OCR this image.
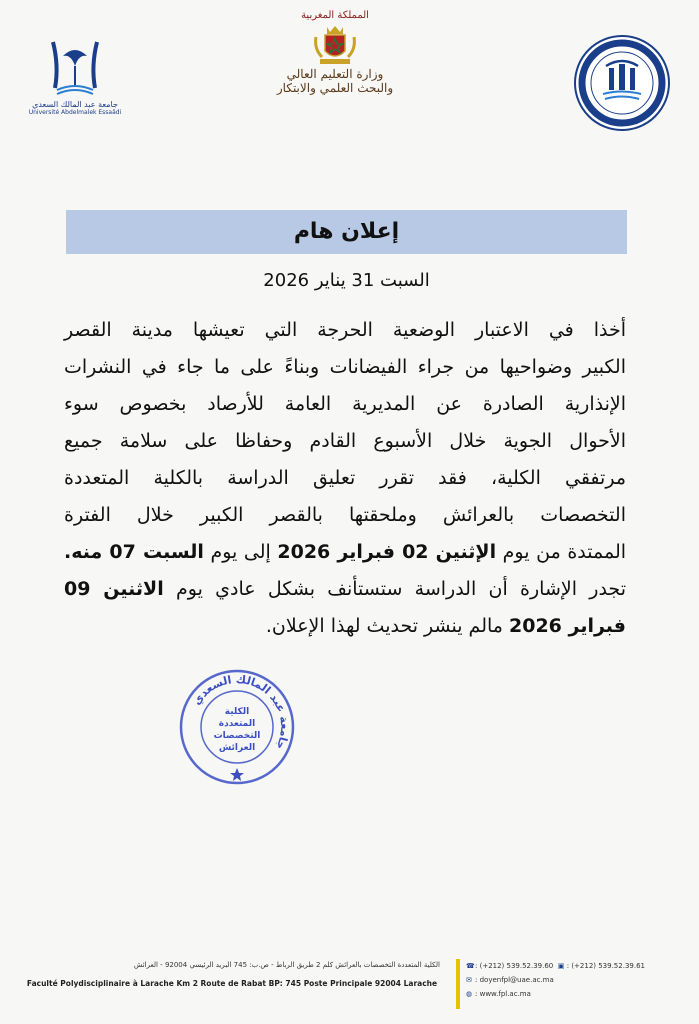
جامعة عبد المالك السعدي
Université Abdelmalek Essaâdi
المملكة المغربية
وزارة التعليم العالي
والبحث العلمي والابتكار
إعلان هام
السبت 31 يناير 2026
أخذا في الاعتبار الوضعية الحرجة التي تعيشها مدينة القصر
الكبير وضواحيها من جراء الفيضانات وبناءً على ما جاء في النشرات
الإنذارية الصادرة عن المديرية العامة للأرصاد بخصوص سوء
الأحوال الجوية خلال الأسبوع القادم وحفاظا على سلامة جميع
مرتفقي الكلية، فقد تقرر تعليق الدراسة بالكلية المتعددة
التخصصات بالعرائش وملحقتها بالقصر الكبير خلال الفترة
الممتدة من يوم الإثنين 02 فبراير 2026 إلى يوم السبت 07 منه.
تجدر الإشارة أن الدراسة ستستأنف بشكل عادي يوم الاثنين 09
فبراير 2026 مالم ينشر تحديث لهذا الإعلان.
جامعة عبد المالك السعدي
الكلية
المتعددة
التخصصات
العرائش
الكلية المتعددة التخصصات بالعرائش كلم 2 طريق الرباط - ص.ب: 745 البريد الرئيسي 92004 - العرائش
Faculté Polydisciplinaire à Larache Km 2 Route de Rabat BP: 745 Poste Principale 92004 Larache
☎: (+212) 539.52.39.60 ▣ : (+212) 539.52.39.61
✉ : doyenfpl@uae.ac.ma
◍ : www.fpl.ac.ma
